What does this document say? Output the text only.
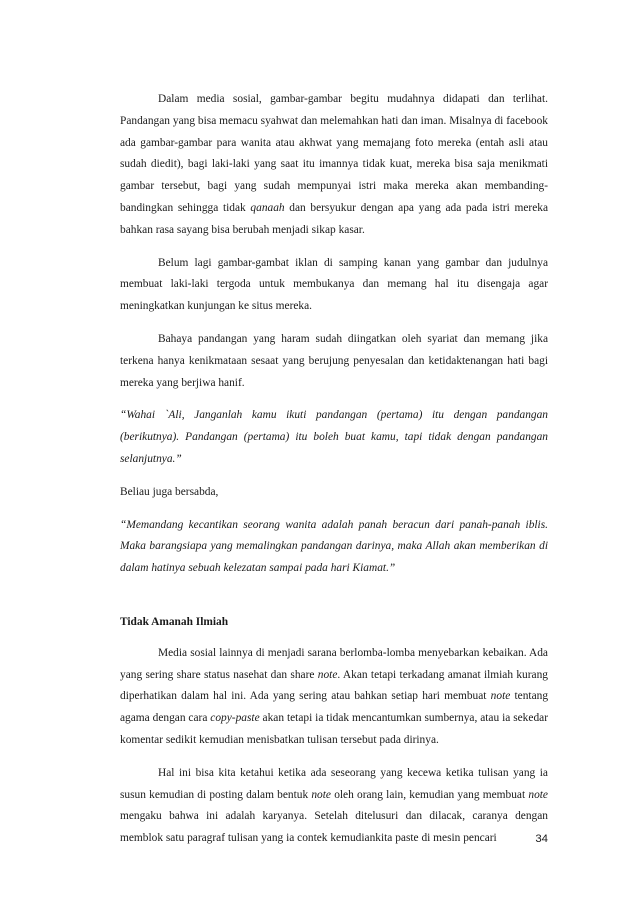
Dalam media sosial, gambar-gambar begitu mudahnya didapati dan terlihat. Pandangan yang bisa memacu syahwat dan melemahkan hati dan iman. Misalnya di facebook ada gambar-gambar para wanita atau akhwat yang memajang foto mereka (entah asli atau sudah diedit), bagi laki-laki yang saat itu imannya tidak kuat, mereka bisa saja menikmati gambar tersebut, bagi yang sudah mempunyai istri maka mereka akan membanding-bandingkan sehingga tidak qanaah dan bersyukur dengan apa yang ada pada istri mereka bahkan rasa sayang bisa berubah menjadi sikap kasar.

Belum lagi gambar-gambat iklan di samping kanan yang gambar dan judulnya membuat laki-laki tergoda untuk membukanya dan memang hal itu disengaja agar meningkatkan kunjungan ke situs mereka.

Bahaya pandangan yang haram sudah diingatkan oleh syariat dan memang jika terkena hanya kenikmataan sesaat yang berujung penyesalan dan ketidaktenangan hati bagi mereka yang berjiwa hanif.

“Wahai `Ali, Janganlah kamu ikuti pandangan (pertama) itu dengan pandangan (berikutnya). Pandangan (pertama) itu boleh buat kamu, tapi tidak dengan pandangan selanjutnya.”

Beliau juga bersabda,

“Memandang kecantikan seorang wanita adalah panah beracun dari panah-panah iblis. Maka barangsiapa yang memalingkan pandangan darinya, maka Allah akan memberikan di dalam hatinya sebuah kelezatan sampai pada hari Kiamat.”

Tidak Amanah Ilmiah

Media sosial lainnya di menjadi sarana berlomba-lomba menyebarkan kebaikan. Ada yang sering share status nasehat dan share note. Akan tetapi terkadang amanat ilmiah kurang diperhatikan dalam hal ini. Ada yang sering atau bahkan setiap hari membuat note tentang agama dengan cara copy-paste akan tetapi ia tidak mencantumkan sumbernya, atau ia sekedar komentar sedikit kemudian menisbatkan tulisan tersebut pada dirinya.

Hal ini bisa kita ketahui ketika ada seseorang yang kecewa ketika tulisan yang ia susun kemudian di posting dalam bentuk note oleh orang lain, kemudian yang membuat note mengaku bahwa ini adalah karyanya. Setelah ditelusuri dan dilacak, caranya dengan memblok satu paragraf tulisan yang ia contek kemudiankita paste di mesin pencari	34
